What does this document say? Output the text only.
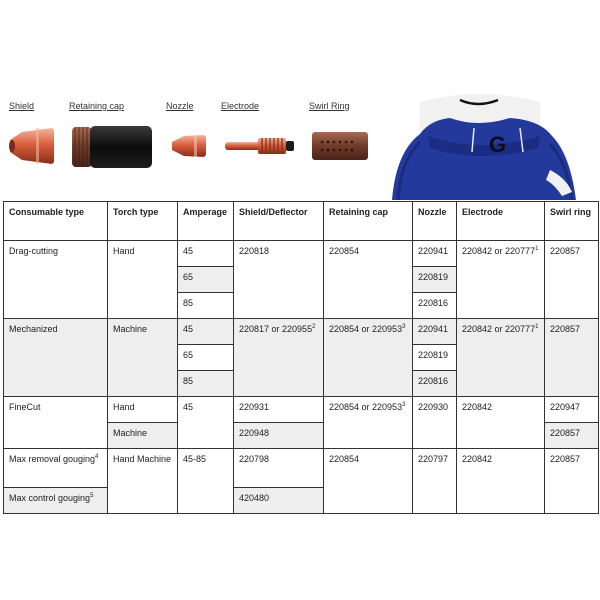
Shield	Retaining cap	Nozzle	Electrode	Swirl Ring
G
Consumable type	Torch type	Amperage	Shield/Deflector	Retaining cap	Nozzle	Electrode	Swirl ring
Drag-cutting	Hand	45	220818	220854	220941	220842 or 220777$^1$	220857
		65			220819		
		85			220816		
Mechanized	Machine	45	220817 or 220955$^2$	220854 or 220953$^3$	220941	220842 or 220777$^1$	220857
		65			220819		
		85			220816		
FineCut	Hand	45	220931	220854 or 220953$^3$	220930	220842	220947
	Machine		220948				220857
Max removal gouging$^4$	Hand Machine	45-85	220798	220854	220797	220842	220857
Max control gouging$^5$			420480				
